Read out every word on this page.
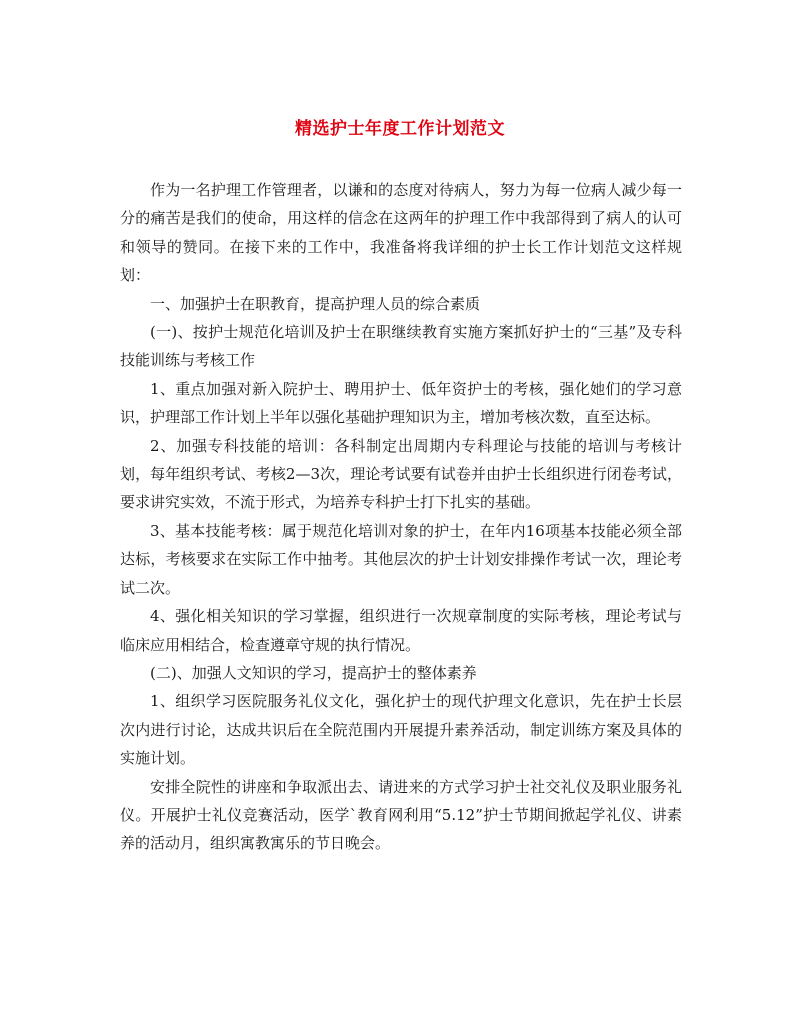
精选护士年度工作计划范文

作为一名护理工作管理者，以谦和的态度对待病人，努力为每一位病人减少每一分的痛苦是我们的使命，用这样的信念在这两年的护理工作中我部得到了病人的认可和领导的赞同。在接下来的工作中，我准备将我详细的护士长工作计划范文这样规划：

一、加强护士在职教育，提高护理人员的综合素质

(一)、按护士规范化培训及护士在职继续教育实施方案抓好护士的“三基”及专科技能训练与考核工作

1、重点加强对新入院护士、聘用护士、低年资护士的考核，强化她们的学习意识，护理部工作计划上半年以强化基础护理知识为主，增加考核次数，直至达标。

2、加强专科技能的培训：各科制定出周期内专科理论与技能的培训与考核计划，每年组织考试、考核2—3次，理论考试要有试卷并由护士长组织进行闭卷考试，要求讲究实效，不流于形式，为培养专科护士打下扎实的基础。

3、基本技能考核：属于规范化培训对象的护士，在年内16项基本技能必须全部达标，考核要求在实际工作中抽考。其他层次的护士计划安排操作考试一次，理论考试二次。

4、强化相关知识的学习掌握，组织进行一次规章制度的实际考核，理论考试与临床应用相结合，检查遵章守规的执行情况。

(二)、加强人文知识的学习，提高护士的整体素养

1、组织学习医院服务礼仪文化，强化护士的现代护理文化意识，先在护士长层次内进行讨论，达成共识后在全院范围内开展提升素养活动，制定训练方案及具体的实施计划。

安排全院性的讲座和争取派出去、请进来的方式学习护士社交礼仪及职业服务礼仪。开展护士礼仪竞赛活动，医学`教育网利用“5.12”护士节期间掀起学礼仪、讲素养的活动月，组织寓教寓乐的节日晚会。
